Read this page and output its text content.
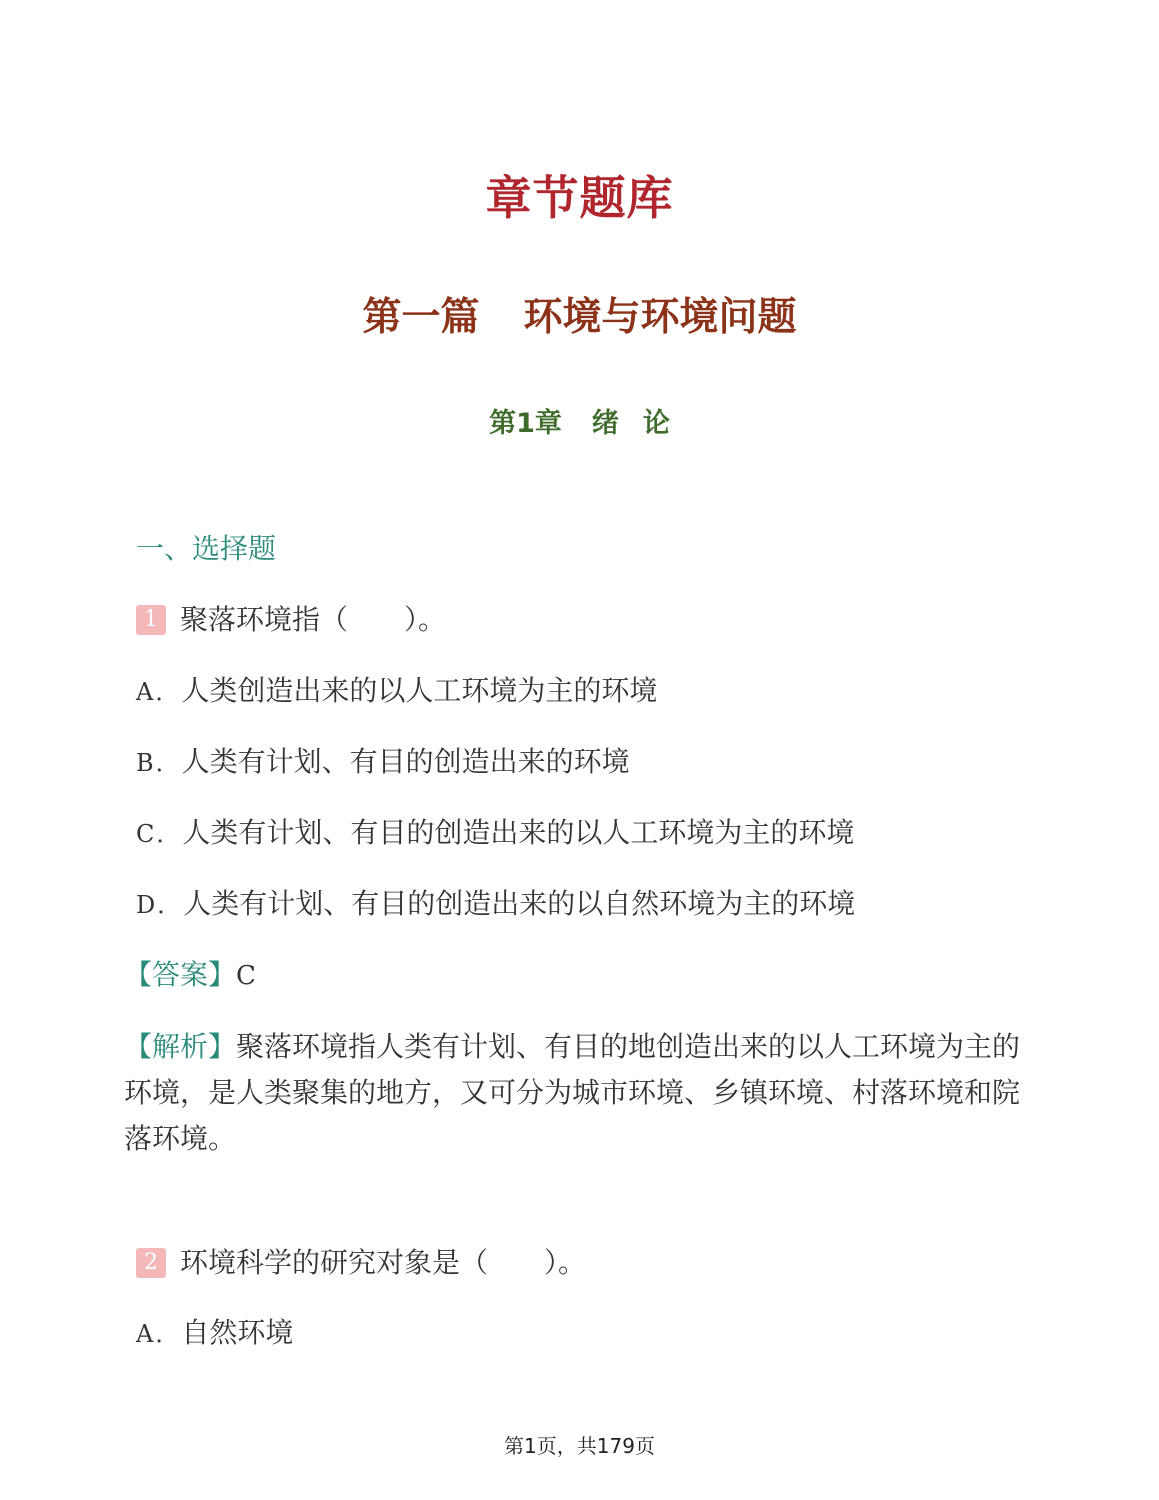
章节题库
第一篇 环境与环境问题
第1章 绪 论
一、选择题
1 聚落环境指（　　）。
A．人类创造出来的以人工环境为主的环境
B．人类有计划、有目的创造出来的环境
C．人类有计划、有目的创造出来的以人工环境为主的环境
D．人类有计划、有目的创造出来的以自然环境为主的环境
【答案】C
【解析】聚落环境指人类有计划、有目的地创造出来的以人工环境为主的环境，是人类聚集的地方，又可分为城市环境、乡镇环境、村落环境和院落环境。
2 环境科学的研究对象是（　　）。
A．自然环境
第1页，共179页
